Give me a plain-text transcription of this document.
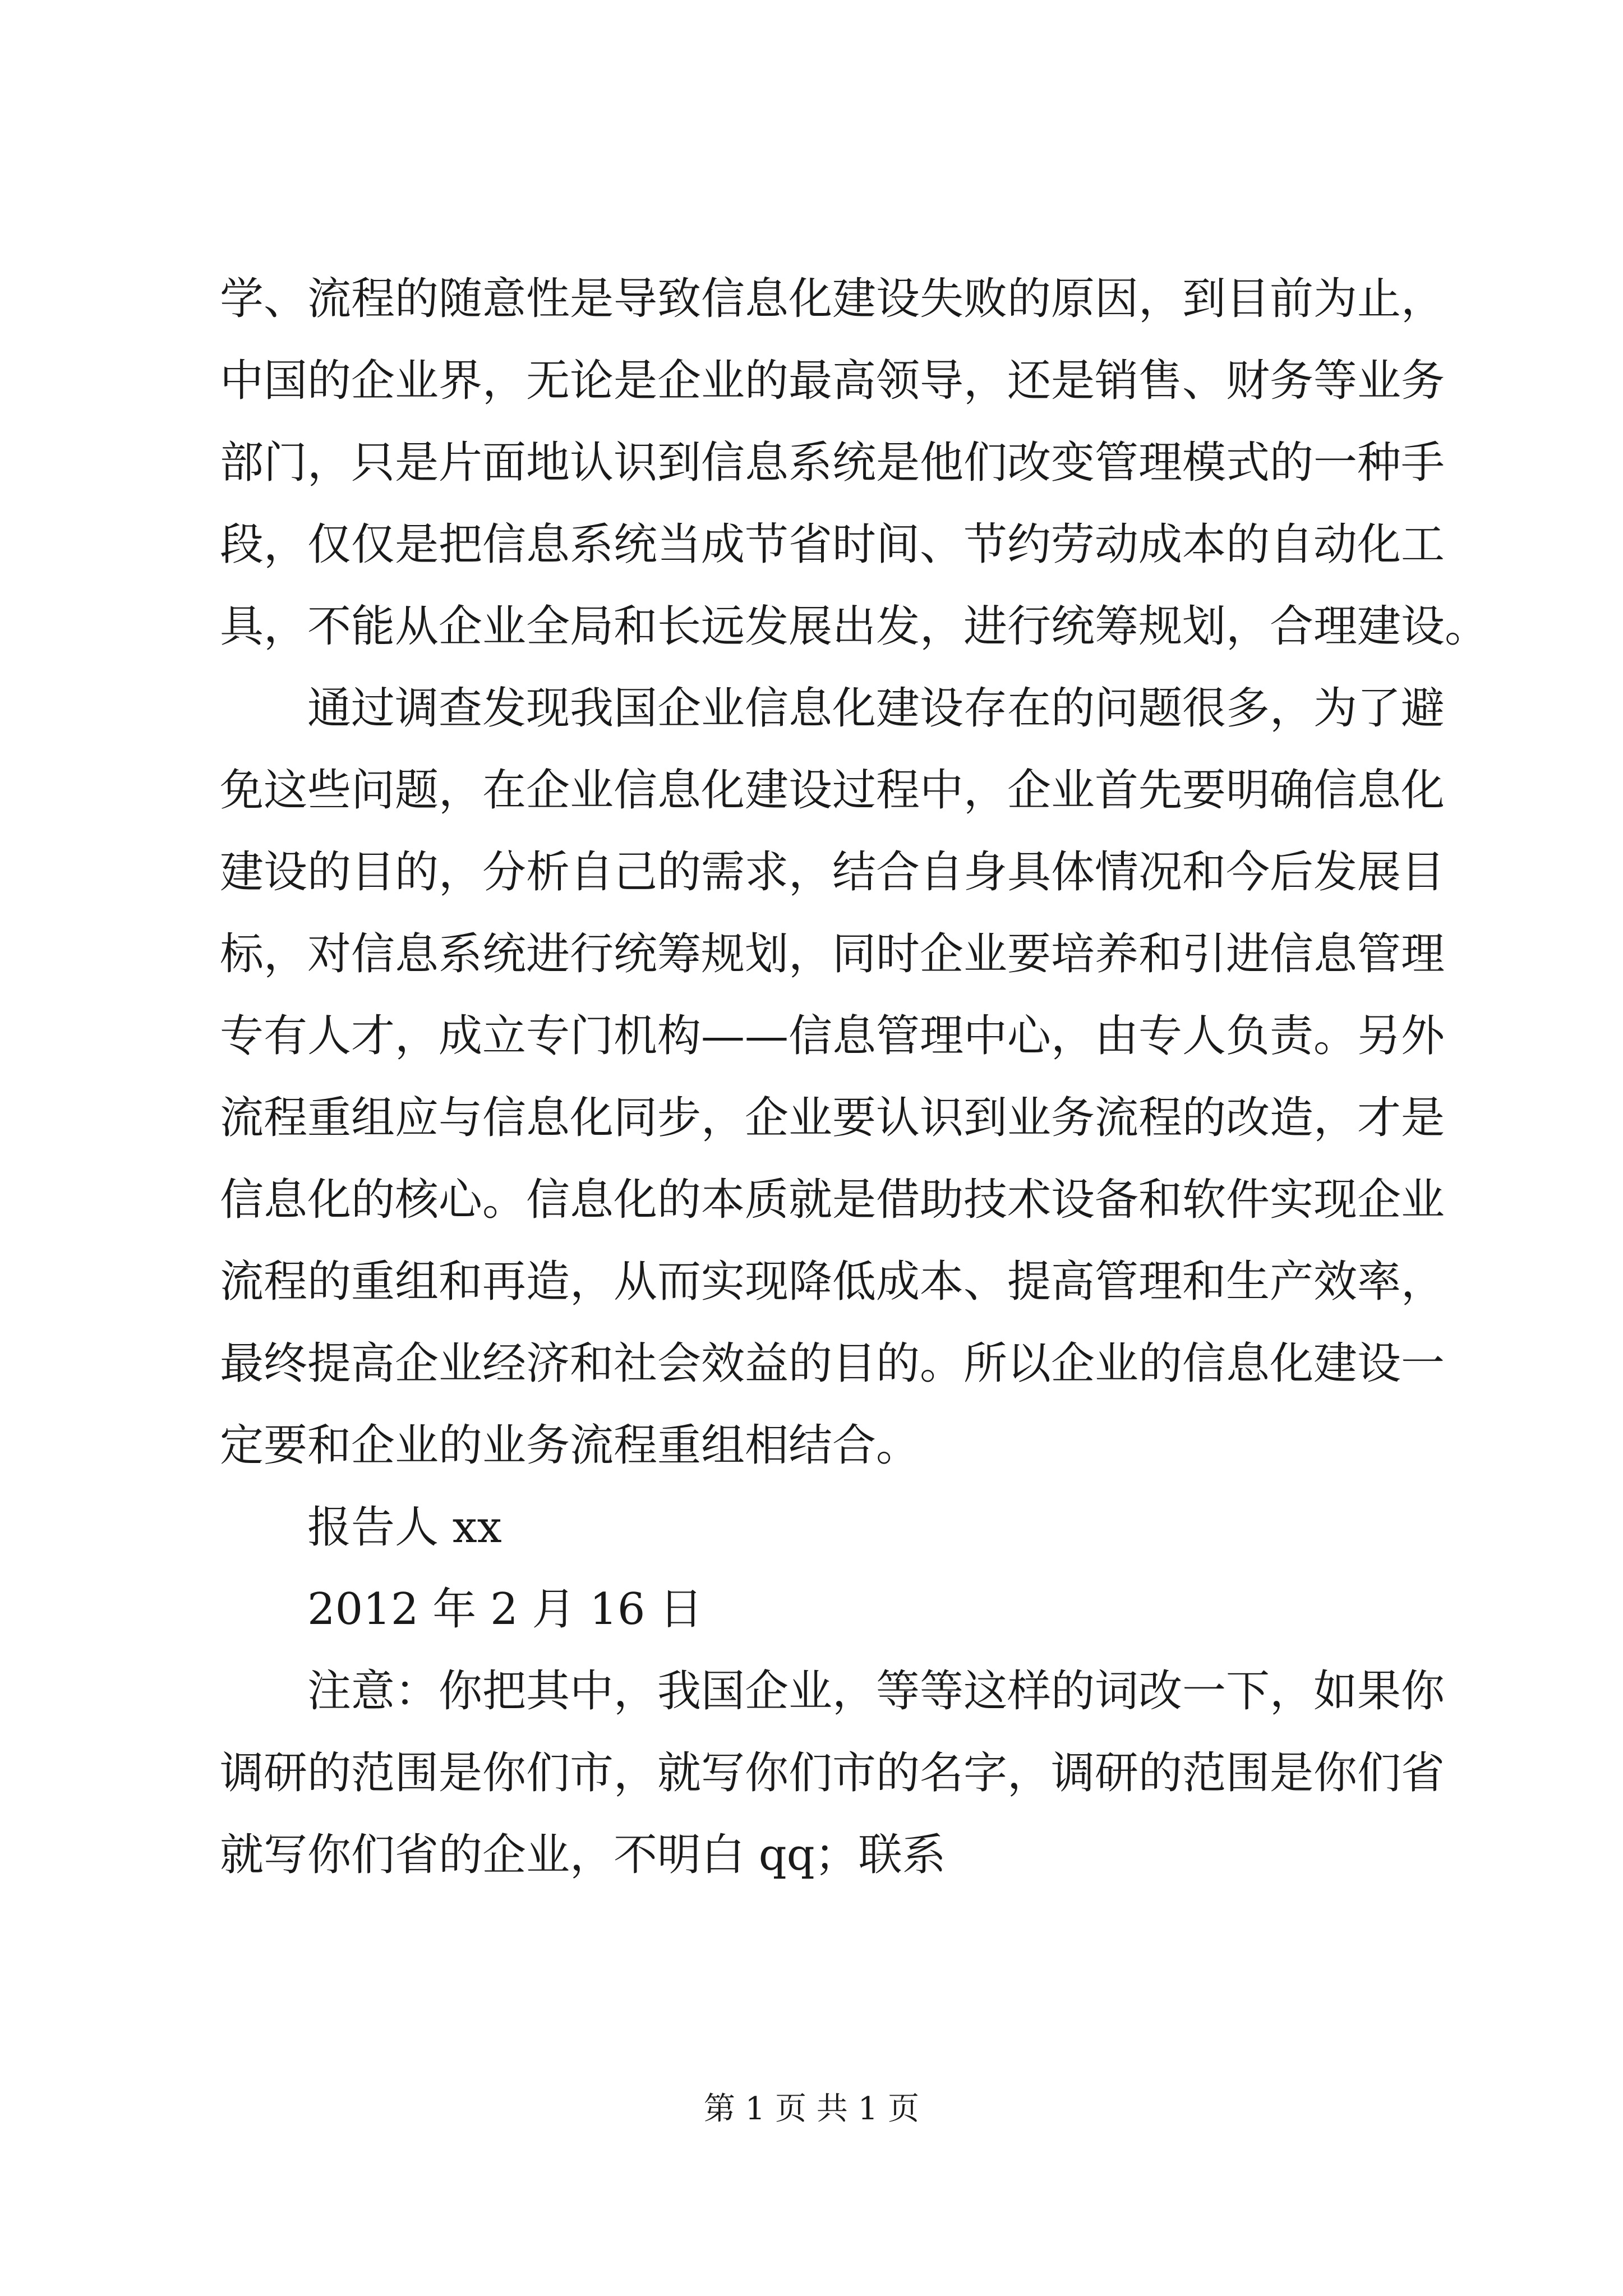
学、流程的随意性是导致信息化建设失败的原因，到目前为止，
中国的企业界，无论是企业的最高领导，还是销售、财务等业务
部门，只是片面地认识到信息系统是他们改变管理模式的一种手
段，仅仅是把信息系统当成节省时间、节约劳动成本的自动化工
具，不能从企业全局和长远发展出发，进行统筹规划，合理建设。

通过调查发现我国企业信息化建设存在的问题很多，为了避
免这些问题，在企业信息化建设过程中，企业首先要明确信息化
建设的目的，分析自己的需求，结合自身具体情况和今后发展目
标，对信息系统进行统筹规划，同时企业要培养和引进信息管理
专有人才，成立专门机构——信息管理中心，由专人负责。另外
流程重组应与信息化同步，企业要认识到业务流程的改造，才是
信息化的核心。信息化的本质就是借助技术设备和软件实现企业
流程的重组和再造，从而实现降低成本、提高管理和生产效率，
最终提高企业经济和社会效益的目的。所以企业的信息化建设一
定要和企业的业务流程重组相结合。

报告人 xx

2012 年 2 月 16 日

注意：你把其中，我国企业，等等这样的词改一下，如果你
调研的范围是你们市，就写你们市的名字，调研的范围是你们省
就写你们省的企业，不明白 qq；联系

第 1 页 共 1 页
